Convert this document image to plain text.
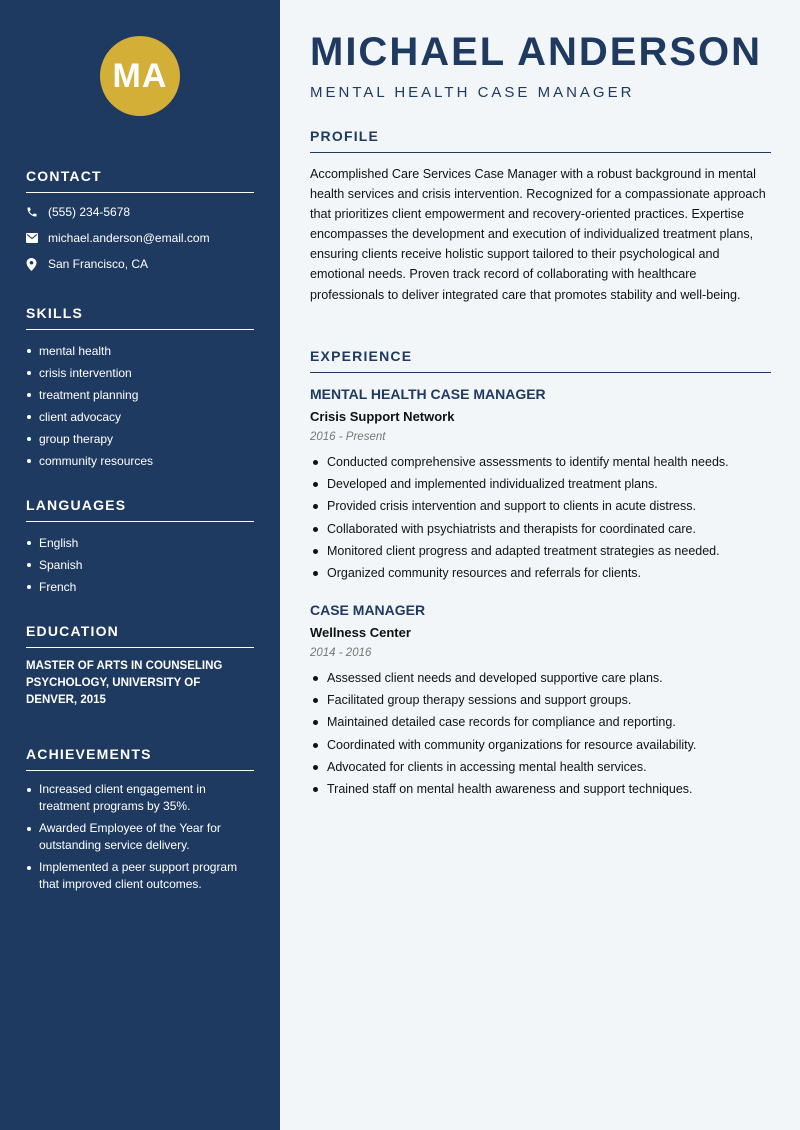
MA
CONTACT
(555) 234-5678
michael.anderson@email.com
San Francisco, CA
SKILLS
mental health
crisis intervention
treatment planning
client advocacy
group therapy
community resources
LANGUAGES
English
Spanish
French
EDUCATION
MASTER OF ARTS IN COUNSELING PSYCHOLOGY, UNIVERSITY OF DENVER, 2015
ACHIEVEMENTS
Increased client engagement in treatment programs by 35%.
Awarded Employee of the Year for outstanding service delivery.
Implemented a peer support program that improved client outcomes.
MICHAEL ANDERSON
MENTAL HEALTH CASE MANAGER
PROFILE
Accomplished Care Services Case Manager with a robust background in mental health services and crisis intervention. Recognized for a compassionate approach that prioritizes client empowerment and recovery-oriented practices. Expertise encompasses the development and execution of individualized treatment plans, ensuring clients receive holistic support tailored to their psychological and emotional needs. Proven track record of collaborating with healthcare professionals to deliver integrated care that promotes stability and well-being.
EXPERIENCE
MENTAL HEALTH CASE MANAGER
Crisis Support Network
2016 - Present
Conducted comprehensive assessments to identify mental health needs.
Developed and implemented individualized treatment plans.
Provided crisis intervention and support to clients in acute distress.
Collaborated with psychiatrists and therapists for coordinated care.
Monitored client progress and adapted treatment strategies as needed.
Organized community resources and referrals for clients.
CASE MANAGER
Wellness Center
2014 - 2016
Assessed client needs and developed supportive care plans.
Facilitated group therapy sessions and support groups.
Maintained detailed case records for compliance and reporting.
Coordinated with community organizations for resource availability.
Advocated for clients in accessing mental health services.
Trained staff on mental health awareness and support techniques.
